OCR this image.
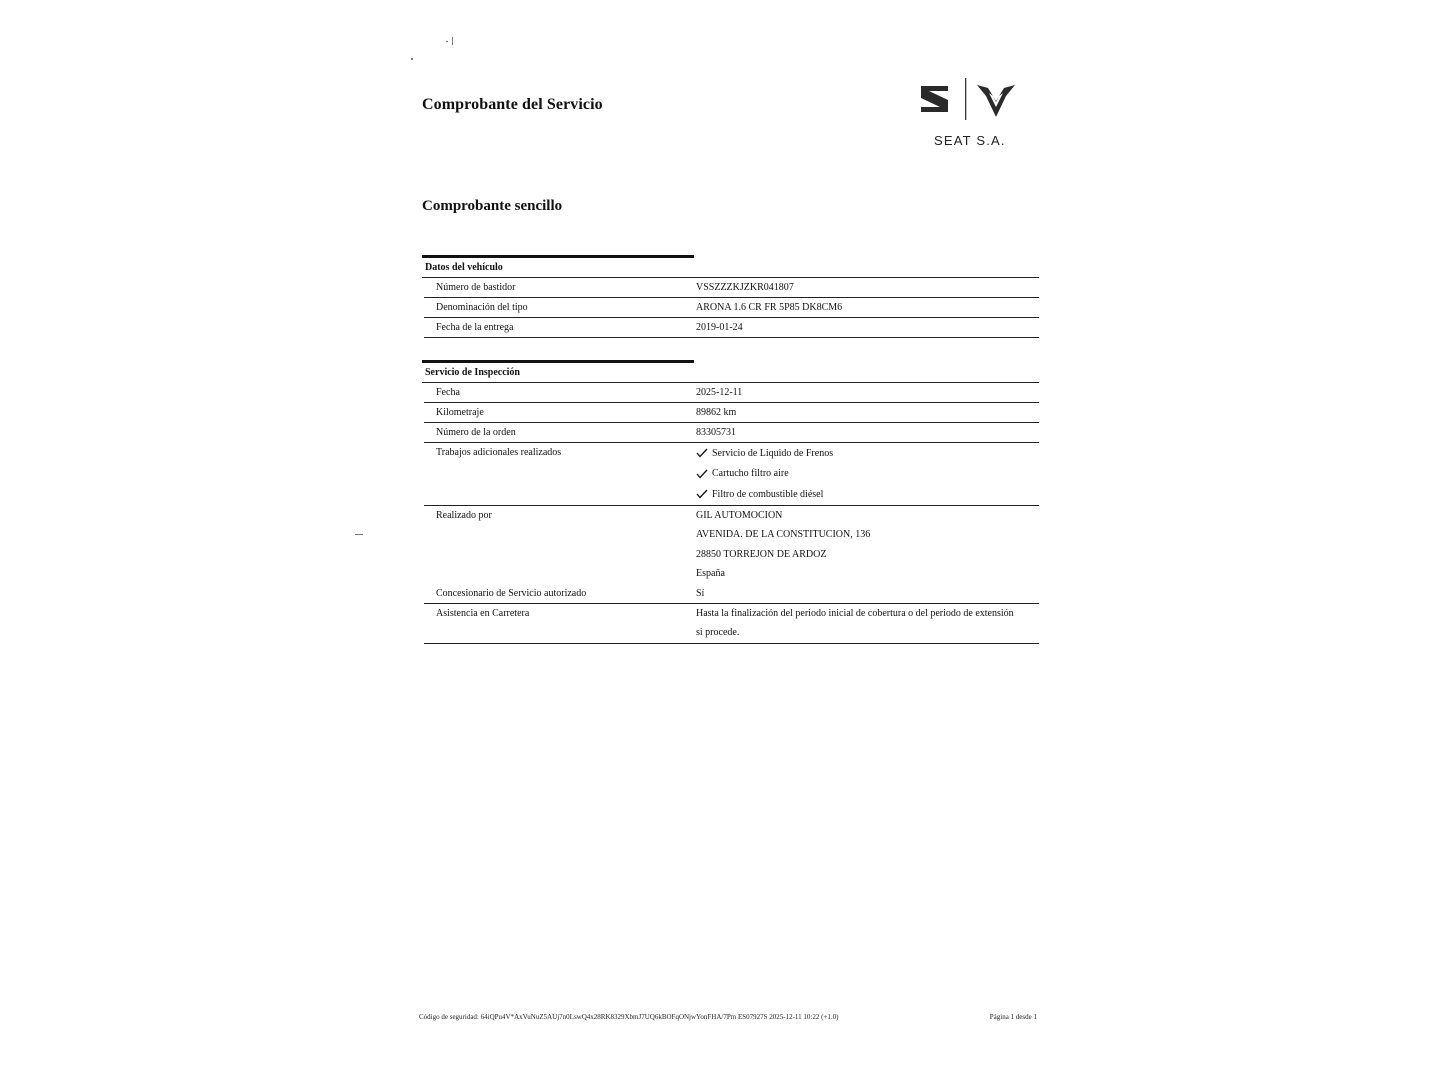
Comprobante del Servicio
SEAT S.A.
Comprobante sencillo
Datos del vehículo
Número de bastidor	VSSZZZKJZKR041807
Denominación del tipo	ARONA 1.6 CR FR 5P85 DK8CM6
Fecha de la entrega	2019-01-24
Servicio de Inspección
Fecha	2025-12-11
Kilometraje	89862 km
Número de la orden	83305731
Trabajos adicionales realizados	Servicio de Liquido de Frenos
Cartucho filtro aire
Filtro de combustible diésel
Realizado por	GIL AUTOMOCION
AVENIDA. DE LA CONSTITUCION, 136
28850 TORREJON DE ARDOZ
España
Concesionario de Servicio autorizado	Sí
Asistencia en Carretera	Hasta la finalización del periodo inicial de cobertura o del periodo de extensión
si procede.
Código de seguridad: 64iQPu4V*AxVuNuZ5AUj7n0LswQ4x28RK8329XbmJ7UQ6kBOFqONjwYonFHA/7Pm ES07927S 2025-12-11 10:22 (+1.0)	Página 1 desde 1
